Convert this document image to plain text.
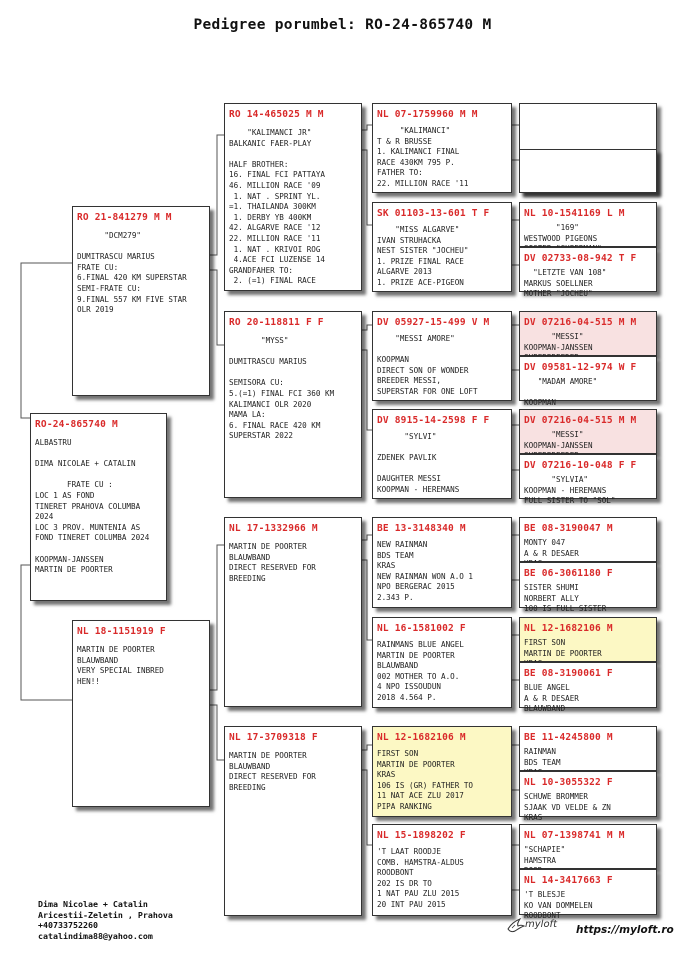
Pedigree porumbel: RO-24-865740 M
RO-24-865740 M
ALBASTRU

DIMA NICOLAE + CATALIN

FRATE CU :
LOC 1 AS FOND
TINERET PRAHOVA COLUMBA
2024
LOC 3 PROV. MUNTENIA AS
FOND TINERET COLUMBA 2024

KOOPMAN-JANSSEN
MARTIN DE POORTER
RO 21-841279 M M
"DCM279"

DUMITRASCU MARIUS
FRATE CU:
6.FINAL 420 KM SUPERSTAR
SEMI-FRATE CU:
9.FINAL 557 KM FIVE STAR
OLR 2019
NL 18-1151919 F
MARTIN DE POORTER
BLAUWBAND
VERY SPECIAL INBRED
HEN!!
RO 14-465025 M M
"KALIMANCI JR"
BALKANIC FAER-PLAY

HALF BROTHER:
16. FINAL FCI PATTAYA
46. MILLION RACE '09
1. NAT . SPRINT YL.
=1. THAILANDA 300KM
1. DERBY YB 400KM
42. ALGARVE RACE '12
22. MILLION RACE '11
1. NAT . KRIVOI ROG
4.ACE FCI LUZENSE 14
GRANDFAHER TO:
2. (=1) FINAL RACE
RO 20-118811 F F
"MYSS"

DUMITRASCU MARIUS

SEMISORA CU:
5.(=1) FINAL FCI 360 KM
KALIMANCI OLR 2020
MAMA LA:
6. FINAL RACE 420 KM
SUPERSTAR 2022
NL 17-1332966 M
MARTIN DE POORTER
BLAUWBAND
DIRECT RESERVED FOR
BREEDING
NL 17-3709318 F
MARTIN DE POORTER
BLAUWBAND
DIRECT RESERVED FOR
BREEDING
NL 07-1759960 M M
"KALIMANCI"
T & R BRUSSE
1. KALIMANCI FINAL
RACE 430KM 795 P.
FATHER TO:
22. MILLION RACE '11
SK 01103-13-601 T F
"MISS ALGARVE"
IVAN STRUHACKA
NEST SISTER "JOCHEU"
1. PRIZE FINAL RACE
ALGARVE 2013
1. PRIZE ACE-PIGEON
DV 05927-15-499 V M
"MESSI AMORE"

KOOPMAN
DIRECT SON OF WONDER
BREEDER MESSI,
SUPERSTAR FOR ONE LOFT
DV 8915-14-2598 F F
"SYLVI"

ZDENEK PAVLIK

DAUGHTER MESSI
KOOPMAN - HEREMANS
BE 13-3148340 M
NEW RAINMAN
BDS TEAM
KRAS
NEW RAINMAN WON A.O 1
NPO BERGERAC 2015
2.343 P.
NL 16-1581002 F
RAINMANS BLUE ANGEL
MARTIN DE POORTER
BLAUWBAND
002 MOTHER TO A.O.
4 NPO ISSOUDUN
2018 4.564 P.
NL 12-1682106 M
FIRST SON
MARTIN DE POORTER
KRAS
106 IS (GR) FATHER TO
11 NAT ACE ZLU 2017
PIPA RANKING
NL 15-1898202 F
'T LAAT ROODJE
COMB. HAMSTRA-ALDUS
ROODBONT
202 IS DR TO
1 NAT PAU ZLU 2015
20 INT PAU 2015
NL 10-1541169 L M
"169"
WESTWOOD PIGEONS

DV 02733-08-942 T F
"LETZTE VAN 108"
MARKUS SOELLNER
MOTHER "JOCHEU"
DV 07216-04-515 M M
"MESSI"
KOOPMAN-JANSSEN

DV 09581-12-974 W F
"MADAM AMORE"

KOOPMAN
DV 07216-04-515 M M
"MESSI"
KOOPMAN-JANSSEN

DV 07216-10-048 F F
"SYLVIA"
KOOPMAN - HEREMANS
FULL SISTER TO "SOL"
BE 08-3190047 M
MONTY 047
A & R DESAER

BE 06-3061180 F
SISTER SHUMI
NORBERT ALLY
100 IS FULL SISTER
NL 12-1682106 M
FIRST SON
MARTIN DE POORTER

BE 08-3190061 F
BLUE ANGEL
A & R DESAER
BLAUWBAND
BE 11-4245800 M
RAINMAN
BDS TEAM

NL 10-3055322 F
SCHUWE BROMMER
SJAAK VD VELDE & ZN
KRAS
NL 07-1398741 M M
"SCHAPIE"
HAMSTRA

NL 14-3417663 F
'T BLESJE
KO VAN DOMMELEN
ROODBONT
Dima Nicolae + Catalin
Aricestii-Zeletin , Prahova
+40733752260
catalindima88@yahoo.com
myloft https://myloft.ro
